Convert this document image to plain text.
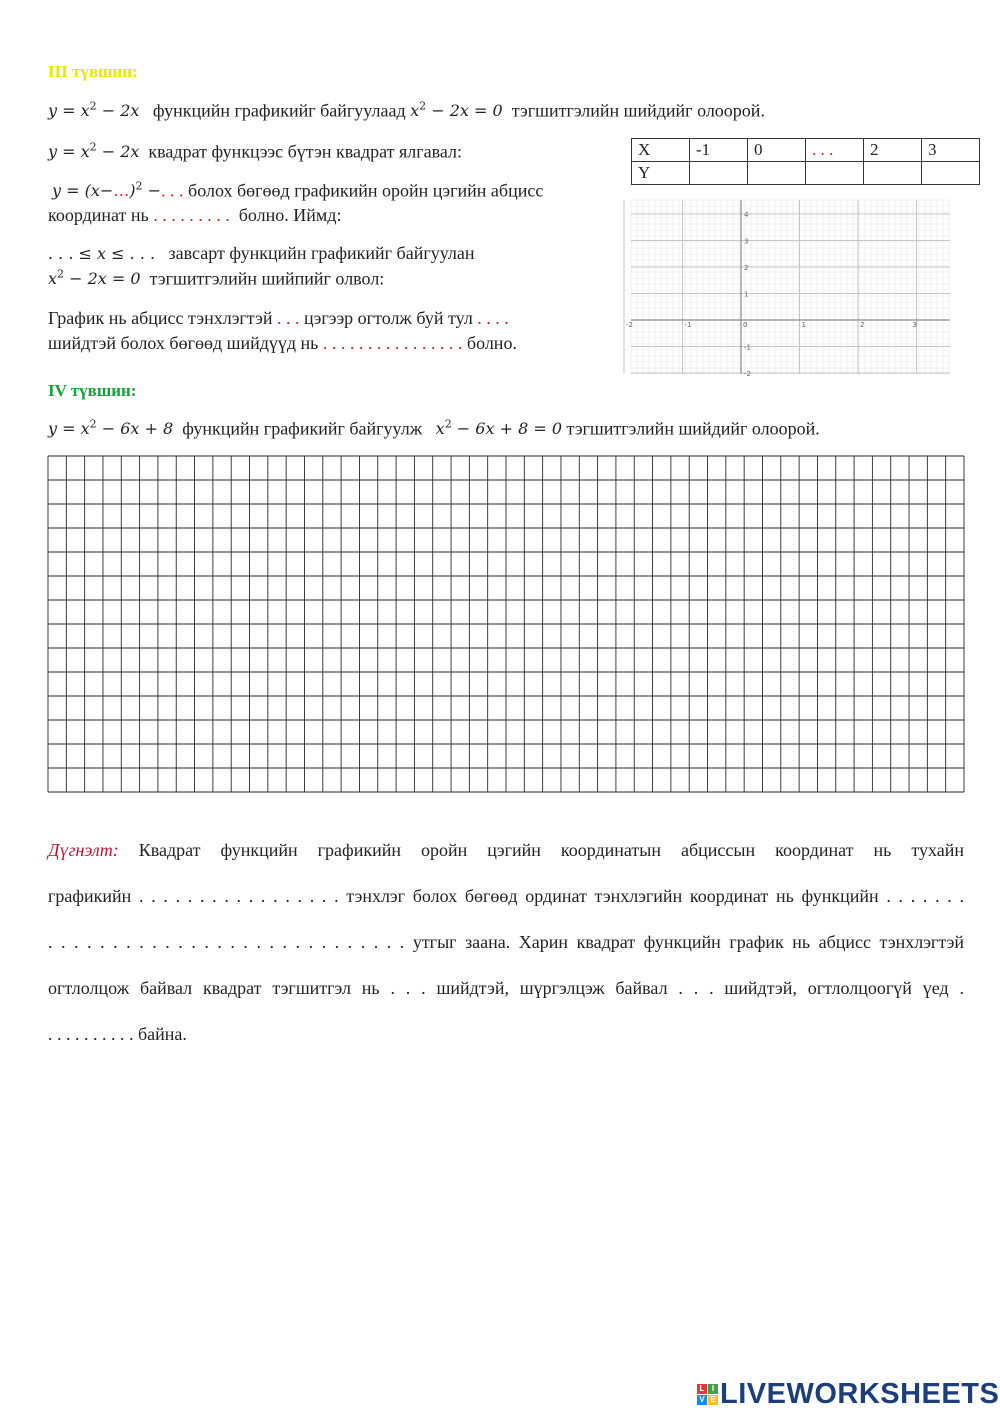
III түвшин:
$y = x^2 - 2x$ функцийн графикийг байгуулаад $x^2 - 2x = 0$ тэгшитгэлийн шийдийг олоорой.
$y = x^2 - 2x$ квадрат функцээс бүтэн квадрат ялгавал:
y = (x−…)$^2$ −. . . болох бөгөөд графикийн оройн цэгийн абцисс
координат нь . . . . . . . . . болно. Иймд:
. . . ≤ x ≤ . . . завсарт функцийн графикийг байгуулан
$x^2 - 2x = 0$ тэгшитгэлийн шийпийг олвол:
График нь абцисс тэнхлэгтэй . . . цэгээр огтолж буй тул . . . .
шийдтэй болох бөгөөд шийдүүд нь . . . . . . . . . . . . . . . . болно.
X	-1	0	. . .	2	3
Y					
-2	-1	0	1	2	3
4
3
2
1
-1
-2
IV түвшин:
$y = x^2 - 6x + 8$ функцийн графикийг байгуулж $x^2 - 6x + 8 = 0$ тэгшитгэлийн шийдийг олоорой.
Дүгнэлт: Квадрат функцийн графикийн оройн цэгийн координатын абциссын координат нь тухайн
графикийн . . . . . . . . . . . . . . . . . тэнхлэг болох бөгөөд ординат тэнхлэгийн координат нь функцийн . . . . . . .
. . . . . . . . . . . . . . . . . . . . . . . . . . . . утгыг заана. Харин квадрат функцийн график нь абцисс тэнхлэгтэй
огтлолцож байвал квадрат тэгшитгэл нь . . . шийдтэй, шүргэлцэж байвал . . . шийдтэй, огтлолцоогүй үед .
. . . . . . . . . . байна.
L I
V E LIVEWORKSHEETS
